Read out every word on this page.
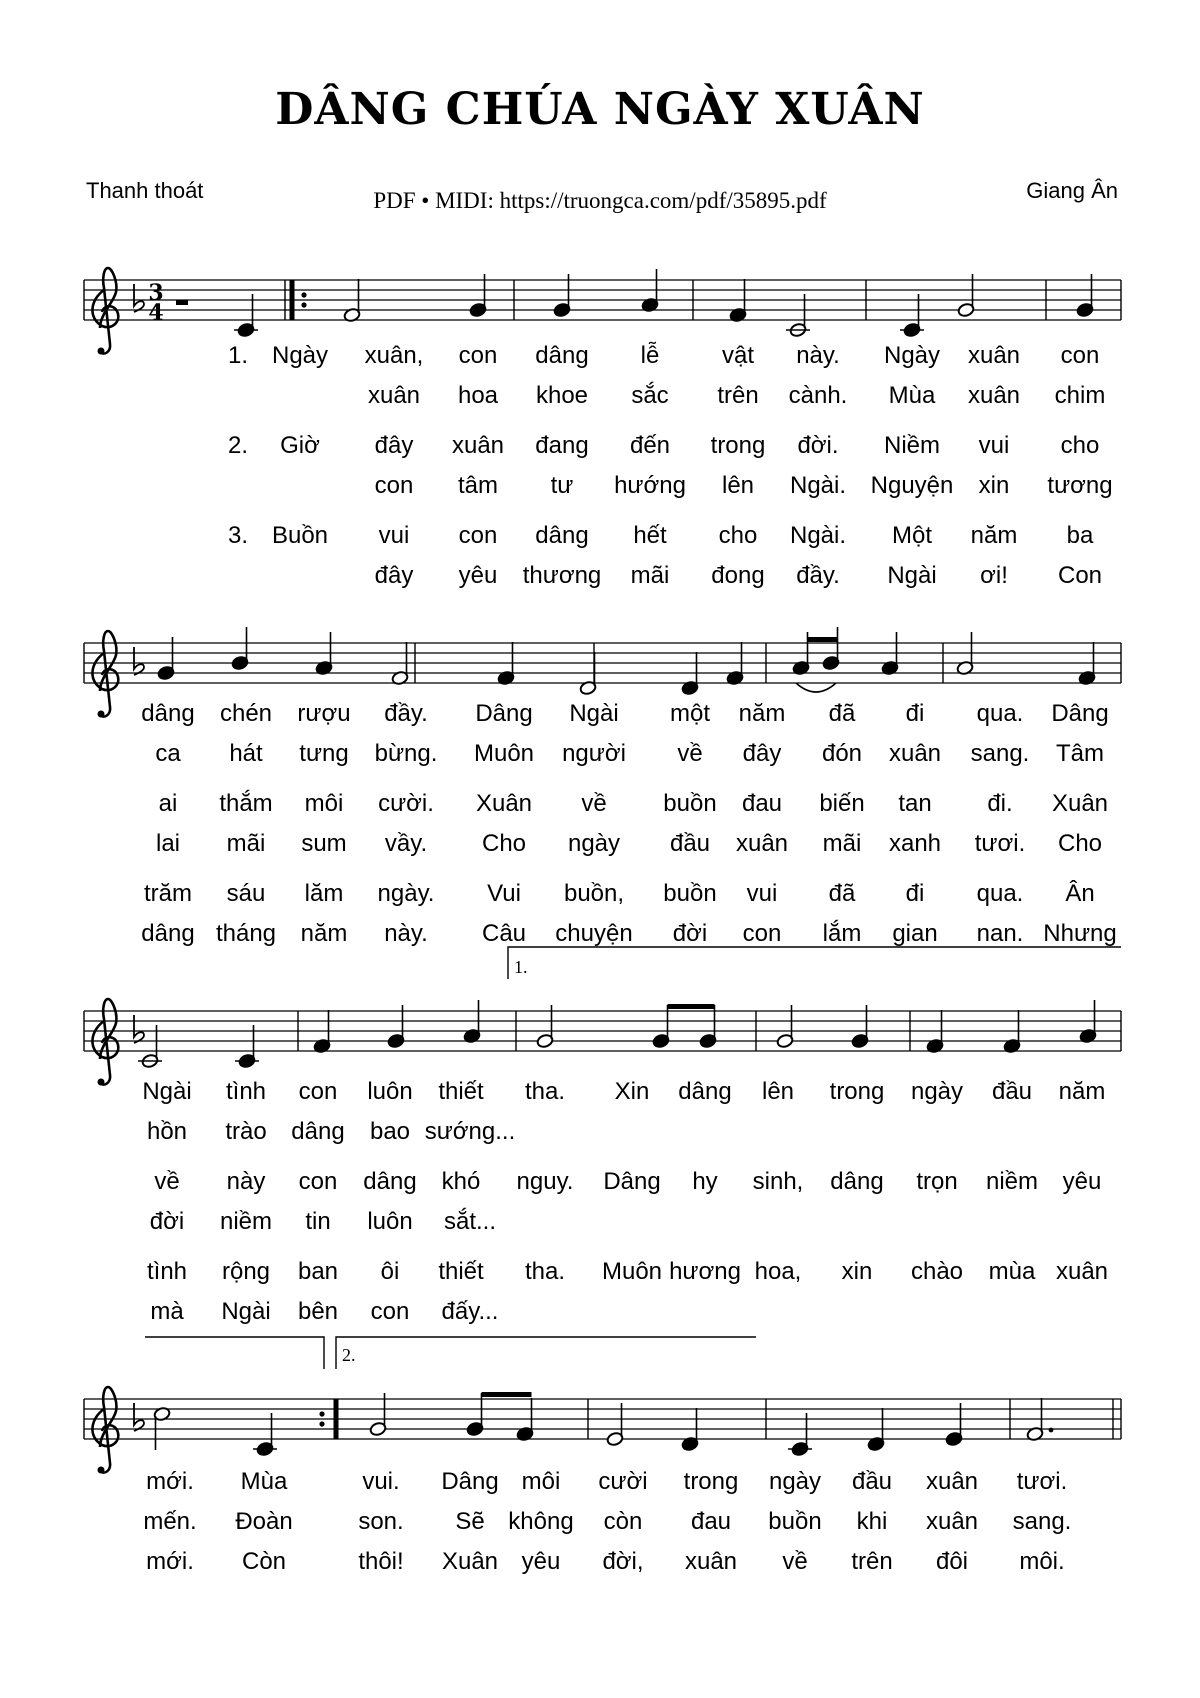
DÂNG CHÚA NGÀY XUÂN
Thanh thoát	PDF • MIDI: https://truongca.com/pdf/35895.pdf	Giang Ân
3
4
1.
2.
1. Ngày xuân, con dâng lễ	vật này. Ngày xuân con
xuân hoa khoe sắc trên cành. Mùa xuân chim
2. Giờ đây xuân đang đến trong đời. Niềm vui cho
con tâm tư hướng lên Ngài. Nguyện xin tương
3. Buồn vui con dâng hết cho Ngài. Một năm ba
đây yêu thương mãi đong đầy. Ngài ơi! Con
dâng chén rượu đầy. Dâng Ngài một năm đã đi qua. Dâng
ca hát tưng bừng. Muôn người về đây đón xuân sang. Tâm
ai thắm môi cười. Xuân về buồn đau biến tan đi. Xuân
lai mãi sum vầy. Cho ngày đầu xuân mãi xanh tươi. Cho
trăm sáu lăm ngày. Vui buồn, buồn vui đã đi qua. Ân
dâng tháng năm này. Câu chuyện đời con lắm gian nan. Nhưng
Ngài tình con luôn thiết tha. Xin dâng lên trong ngày đầu năm
hồn trào dâng bao sướng...
về này con dâng khó nguy. Dâng hy sinh, dâng trọn niềm yêu
đời niềm tin luôn sắt...
tình rộng ban ôi thiết tha. Muôn hương hoa, xin chào mùa xuân
mà Ngài bên con đấy...
mới. Mùa	vui. Dâng môi cười trong ngày đầu xuân tươi.
mến. Đoàn	son. Sẽ không còn đau buồn khi xuân sang.
mới. Còn	thôi! Xuân yêu đời, xuân về trên đôi môi.
